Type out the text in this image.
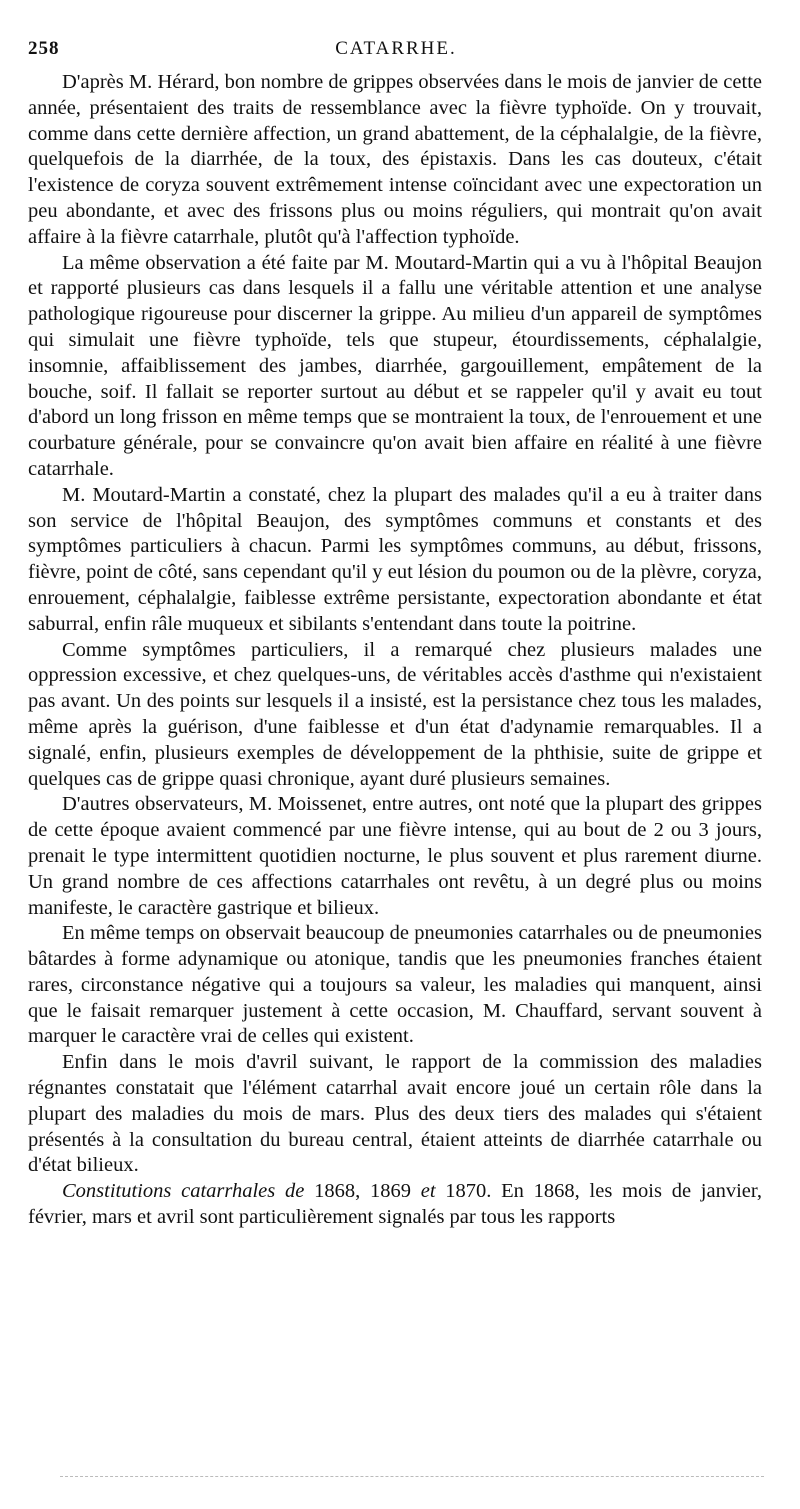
258	CATARRHE.

D'après M. Hérard, bon nombre de grippes observées dans le mois de janvier de cette année, présentaient des traits de ressemblance avec la fièvre typhoïde. On y trouvait, comme dans cette dernière affection, un grand abattement, de la céphalalgie, de la fièvre, quelquefois de la diarrhée, de la toux, des épistaxis. Dans les cas douteux, c'était l'existence de coryza souvent extrêmement intense coïncidant avec une expectoration un peu abondante, et avec des frissons plus ou moins réguliers, qui montrait qu'on avait affaire à la fièvre catarrhale, plutôt qu'à l'affection typhoïde.

La même observation a été faite par M. Moutard-Martin qui a vu à l'hôpital Beaujon et rapporté plusieurs cas dans lesquels il a fallu une véritable attention et une analyse pathologique rigoureuse pour discerner la grippe. Au milieu d'un appareil de symptômes qui simulait une fièvre typhoïde, tels que stupeur, étourdissements, céphalalgie, insomnie, affaiblissement des jambes, diarrhée, gargouillement, empâtement de la bouche, soif. Il fallait se reporter surtout au début et se rappeler qu'il y avait eu tout d'abord un long frisson en même temps que se montraient la toux, de l'enrouement et une courbature générale, pour se convaincre qu'on avait bien affaire en réalité à une fièvre catarrhale.

M. Moutard-Martin a constaté, chez la plupart des malades qu'il a eu à traiter dans son service de l'hôpital Beaujon, des symptômes communs et constants et des symptômes particuliers à chacun. Parmi les symptômes communs, au début, frissons, fièvre, point de côté, sans cependant qu'il y eut lésion du poumon ou de la plèvre, coryza, enrouement, céphalalgie, faiblesse extrême persistante, expectoration abondante et état saburral, enfin râle muqueux et sibilants s'entendant dans toute la poitrine.

Comme symptômes particuliers, il a remarqué chez plusieurs malades une oppression excessive, et chez quelques-uns, de véritables accès d'asthme qui n'existaient pas avant. Un des points sur lesquels il a insisté, est la persistance chez tous les malades, même après la guérison, d'une faiblesse et d'un état d'adynamie remarquables. Il a signalé, enfin, plusieurs exemples de développement de la phthisie, suite de grippe et quelques cas de grippe quasi chronique, ayant duré plusieurs semaines.

D'autres observateurs, M. Moissenet, entre autres, ont noté que la plupart des grippes de cette époque avaient commencé par une fièvre intense, qui au bout de 2 ou 3 jours, prenait le type intermittent quotidien nocturne, le plus souvent et plus rarement diurne. Un grand nombre de ces affections catarrhales ont revêtu, à un degré plus ou moins manifeste, le caractère gastrique et bilieux.

En même temps on observait beaucoup de pneumonies catarrhales ou de pneumonies bâtardes à forme adynamique ou atonique, tandis que les pneumonies franches étaient rares, circonstance négative qui a toujours sa valeur, les maladies qui manquent, ainsi que le faisait remarquer justement à cette occasion, M. Chauffard, servant souvent à marquer le caractère vrai de celles qui existent.

Enfin dans le mois d'avril suivant, le rapport de la commission des maladies régnantes constatait que l'élément catarrhal avait encore joué un certain rôle dans la plupart des maladies du mois de mars. Plus des deux tiers des malades qui s'étaient présentés à la consultation du bureau central, étaient atteints de diarrhée catarrhale ou d'état bilieux.

Constitutions catarrhales de 1868, 1869 et 1870. En 1868, les mois de janvier, février, mars et avril sont particulièrement signalés par tous les rapports
